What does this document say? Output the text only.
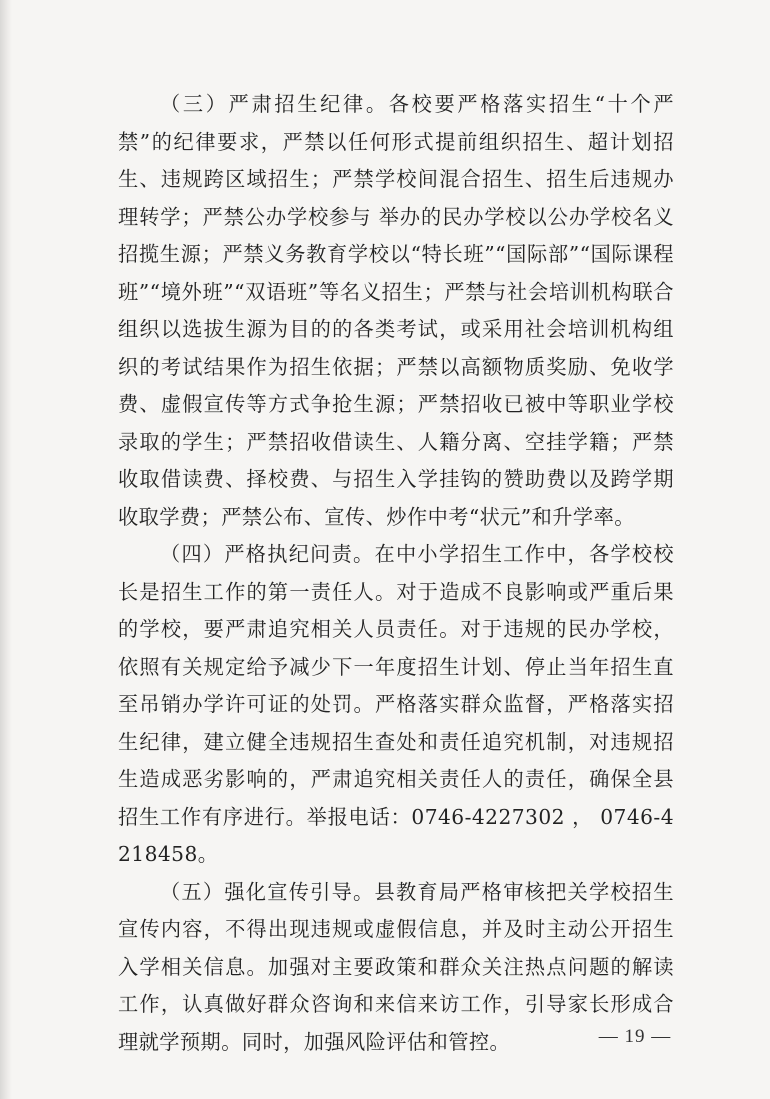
（三）严肃招生纪律。各校要严格落实招生“十个严禁”的纪律要求，严禁以任何形式提前组织招生、超计划招生、违规跨区域招生；严禁学校间混合招生、招生后违规办理转学；严禁公办学校参与 举办的民办学校以公办学校名义招揽生源；严禁义务教育学校以“特长班”“国际部”“国际课程班”“境外班”“双语班”等名义招生；严禁与社会培训机构联合组织以选拔生源为目的的各类考试，或采用社会培训机构组织的考试结果作为招生依据；严禁以高额物质奖励、免收学费、虚假宣传等方式争抢生源；严禁招收已被中等职业学校录取的学生；严禁招收借读生、人籍分离、空挂学籍；严禁收取借读费、择校费、与招生入学挂钩的赞助费以及跨学期收取学费；严禁公布、宣传、炒作中考“状元”和升学率。

（四）严格执纪问责。在中小学招生工作中，各学校校长是招生工作的第一责任人。对于造成不良影响或严重后果的学校，要严肃追究相关人员责任。对于违规的民办学校，依照有关规定给予减少下一年度招生计划、停止当年招生直至吊销办学许可证的处罚。严格落实群众监督，严格落实招生纪律，建立健全违规招生查处和责任追究机制，对违规招生造成恶劣影响的，严肃追究相关责任人的责任，确保全县招生工作有序进行。举报电话：0746-4227302 ， 0746-4218458。

（五）强化宣传引导。县教育局严格审核把关学校招生宣传内容，不得出现违规或虚假信息，并及时主动公开招生入学相关信息。加强对主要政策和群众关注热点问题的解读工作，认真做好群众咨询和来信来访工作，引导家长形成合理就学预期。同时，加强风险评估和管控。	— 19 —
